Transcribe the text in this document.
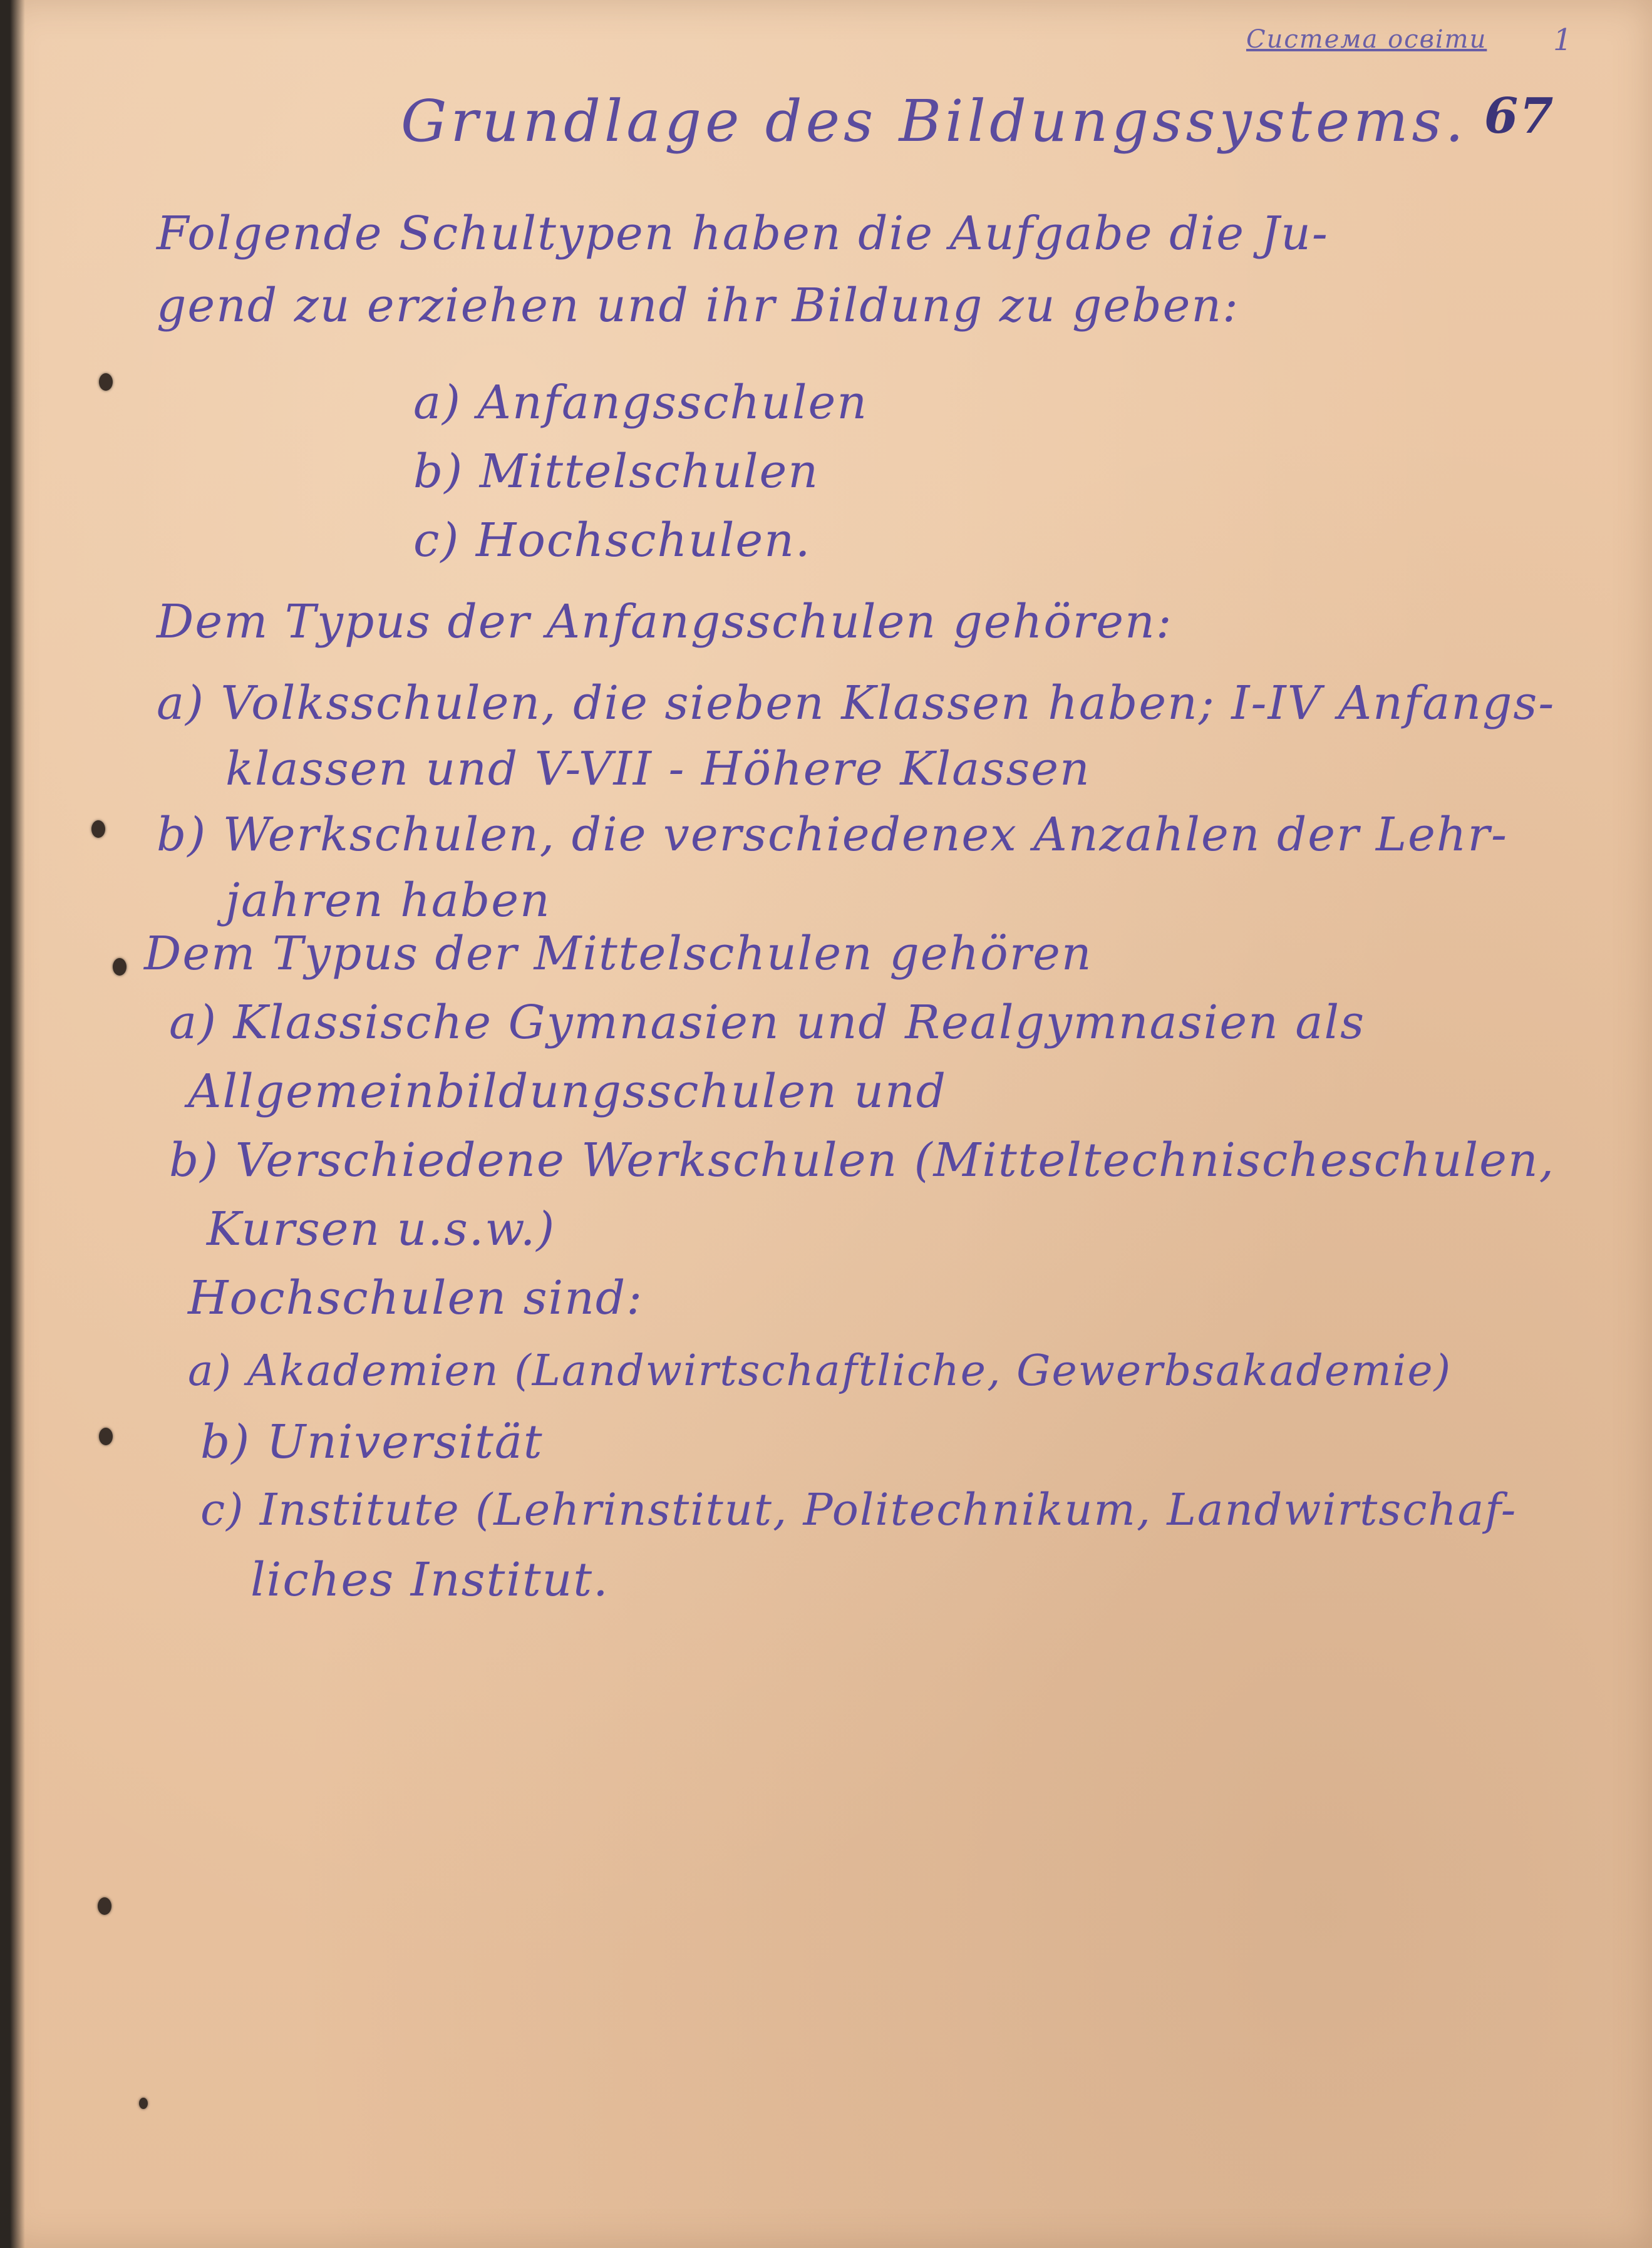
Система освіти 1
67
Grundlage des Bildungssystems.
Folgende Schultypen haben die Aufgabe die Ju-
gend zu erziehen und ihr Bildung zu geben:
a) Anfangsschulen
b) Mittelschulen
c) Hochschulen.
Dem Typus der Anfangsschulen gehören:
a) Volksschulen, die sieben Klassen haben; I-IV Anfangs-
klassen und V-VII - Höhere Klassen
b) Werkschulen, die verschiedenex Anzahlen der Lehr-
jahren haben
Dem Typus der Mittelschulen gehören
a) Klassische Gymnasien und Realgymnasien als
Allgemeinbildungsschulen und
b) Verschiedene Werkschulen (Mitteltechnischeschulen,
Kursen u.s.w.)
Hochschulen sind:
a) Akademien (Landwirtschaftliche, Gewerbsakademie)
b) Universität
c) Institute (Lehrinstitut, Politechnikum, Landwirtschaf-
liches Institut.
